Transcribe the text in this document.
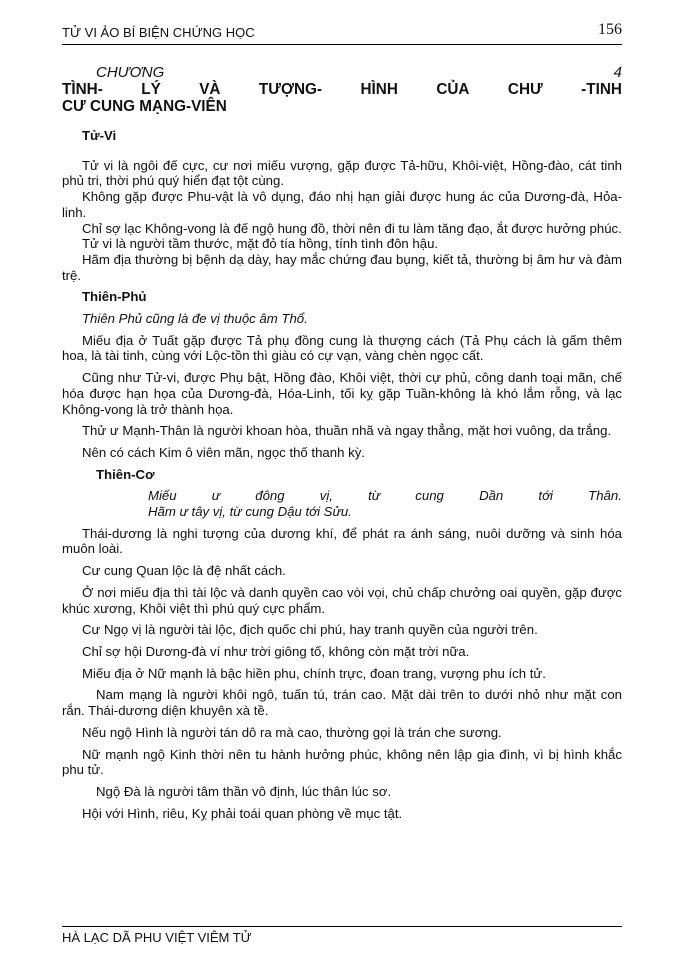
TỬ VI ẢO BÍ BIỆN CHỨNG HỌC	156
CHƯƠNG	4
TÌNH-	LÝ	VÀ	TƯỢNG-	HÌNH	CỦA	CHƯ	-TINH

CƯ CUNG MẠNG-VIÊN

Tử-Vi

Tử vi là ngôi đế cực, cư nơi miếu vượng, gặp được Tả-hữu, Khôi-việt, Hồng-đào, cát tinh phủ tri, thời phú quý hiển đạt tột cùng.

Không gặp được Phu-vật là vô dụng, đáo nhị hạn giải được hung ác của Dương-đà, Hỏa-linh.

Chỉ sợ lạc Không-vong là đế ngộ hung đồ, thời nên đi tu làm tăng đạo, ắt được hưởng phúc.

Tử vi là người tầm thước, mặt đỏ tía hồng, tính tình đôn hậu.

Hãm địa thường bị bệnh dạ dày, hay mắc chứng đau bụng, kiết tả, thường bị âm hư và đàm trệ.

Thiên-Phủ

Thiên Phủ cũng là đe vị thuộc âm Thổ.

Miếu địa ở Tuất gặp được Tả phụ đồng cung là thượng cách (Tả Phụ cách là gấm thêm hoa, là tài tinh, cùng với Lộc-tồn thì giàu có cự vạn, vàng chèn ngọc cất.

Cũng như Tử-vi, được Phụ bật, Hồng đào, Khôi việt, thời cự phủ, công danh toại mãn, chế hóa được hạn họa của Dương-đà, Hóa-Linh, tối kỵ gặp Tuần-không là khó lắm rỗng, và lạc Không-vong là trở thành họa.

Thử ư Mạnh-Thân là người khoan hòa, thuần nhã và ngay thẳng, mặt hơi vuông, da trắng.

Nên có cách Kim ô viên mãn, ngọc thố thanh kỳ.

Thiên-Cơ

Miếu	ư	đông	vị,	từ	cung	Dần	tới	Thân.

Hãm ư tây vị, từ cung Dậu tới Sửu.

Thái-dương là nghi tượng của dương khí, để phát ra ánh sáng, nuôi dưỡng và sinh hóa muôn loài.

Cư cung Quan lộc là đệ nhất cách.

Ở nơi miếu địa thì tài lộc và danh quyền cao vòi vọi, chủ chấp chưởng oai quyền, gặp được khúc xương, Khôi việt thì phú quý cực phẩm.

Cư Ngọ vị là người tài lộc, địch quốc chi phú, hay tranh quyền của người trên.

Chỉ sợ hội Dương-đà ví như trời giông tố, không còn mặt trời nữa.

Miếu địa ở Nữ mạnh là bậc hiền phu, chính trực, đoan trang, vượng phu ích tử.

Nam mạng là người khôi ngô, tuấn tú, trán cao. Mặt dài trên to dưới nhỏ như mặt con rắn. Thái-dương diện khuyên xà tề.

Nếu ngộ Hình là người tán dô ra mà cao, thường gọi là trán che sương.

Nữ mạnh ngộ Kinh thời nên tu hành hưởng phúc, không nên lập gia đình, vì bị hình khắc phu tử.

Ngộ Đà là người tâm thần vô định, lúc thân lúc sơ.

Hội với Hình, riêu, Kỵ phải toái quan phòng về mục tật.

HÀ LẠC DÃ PHU VIỆT VIÊM TỬ
